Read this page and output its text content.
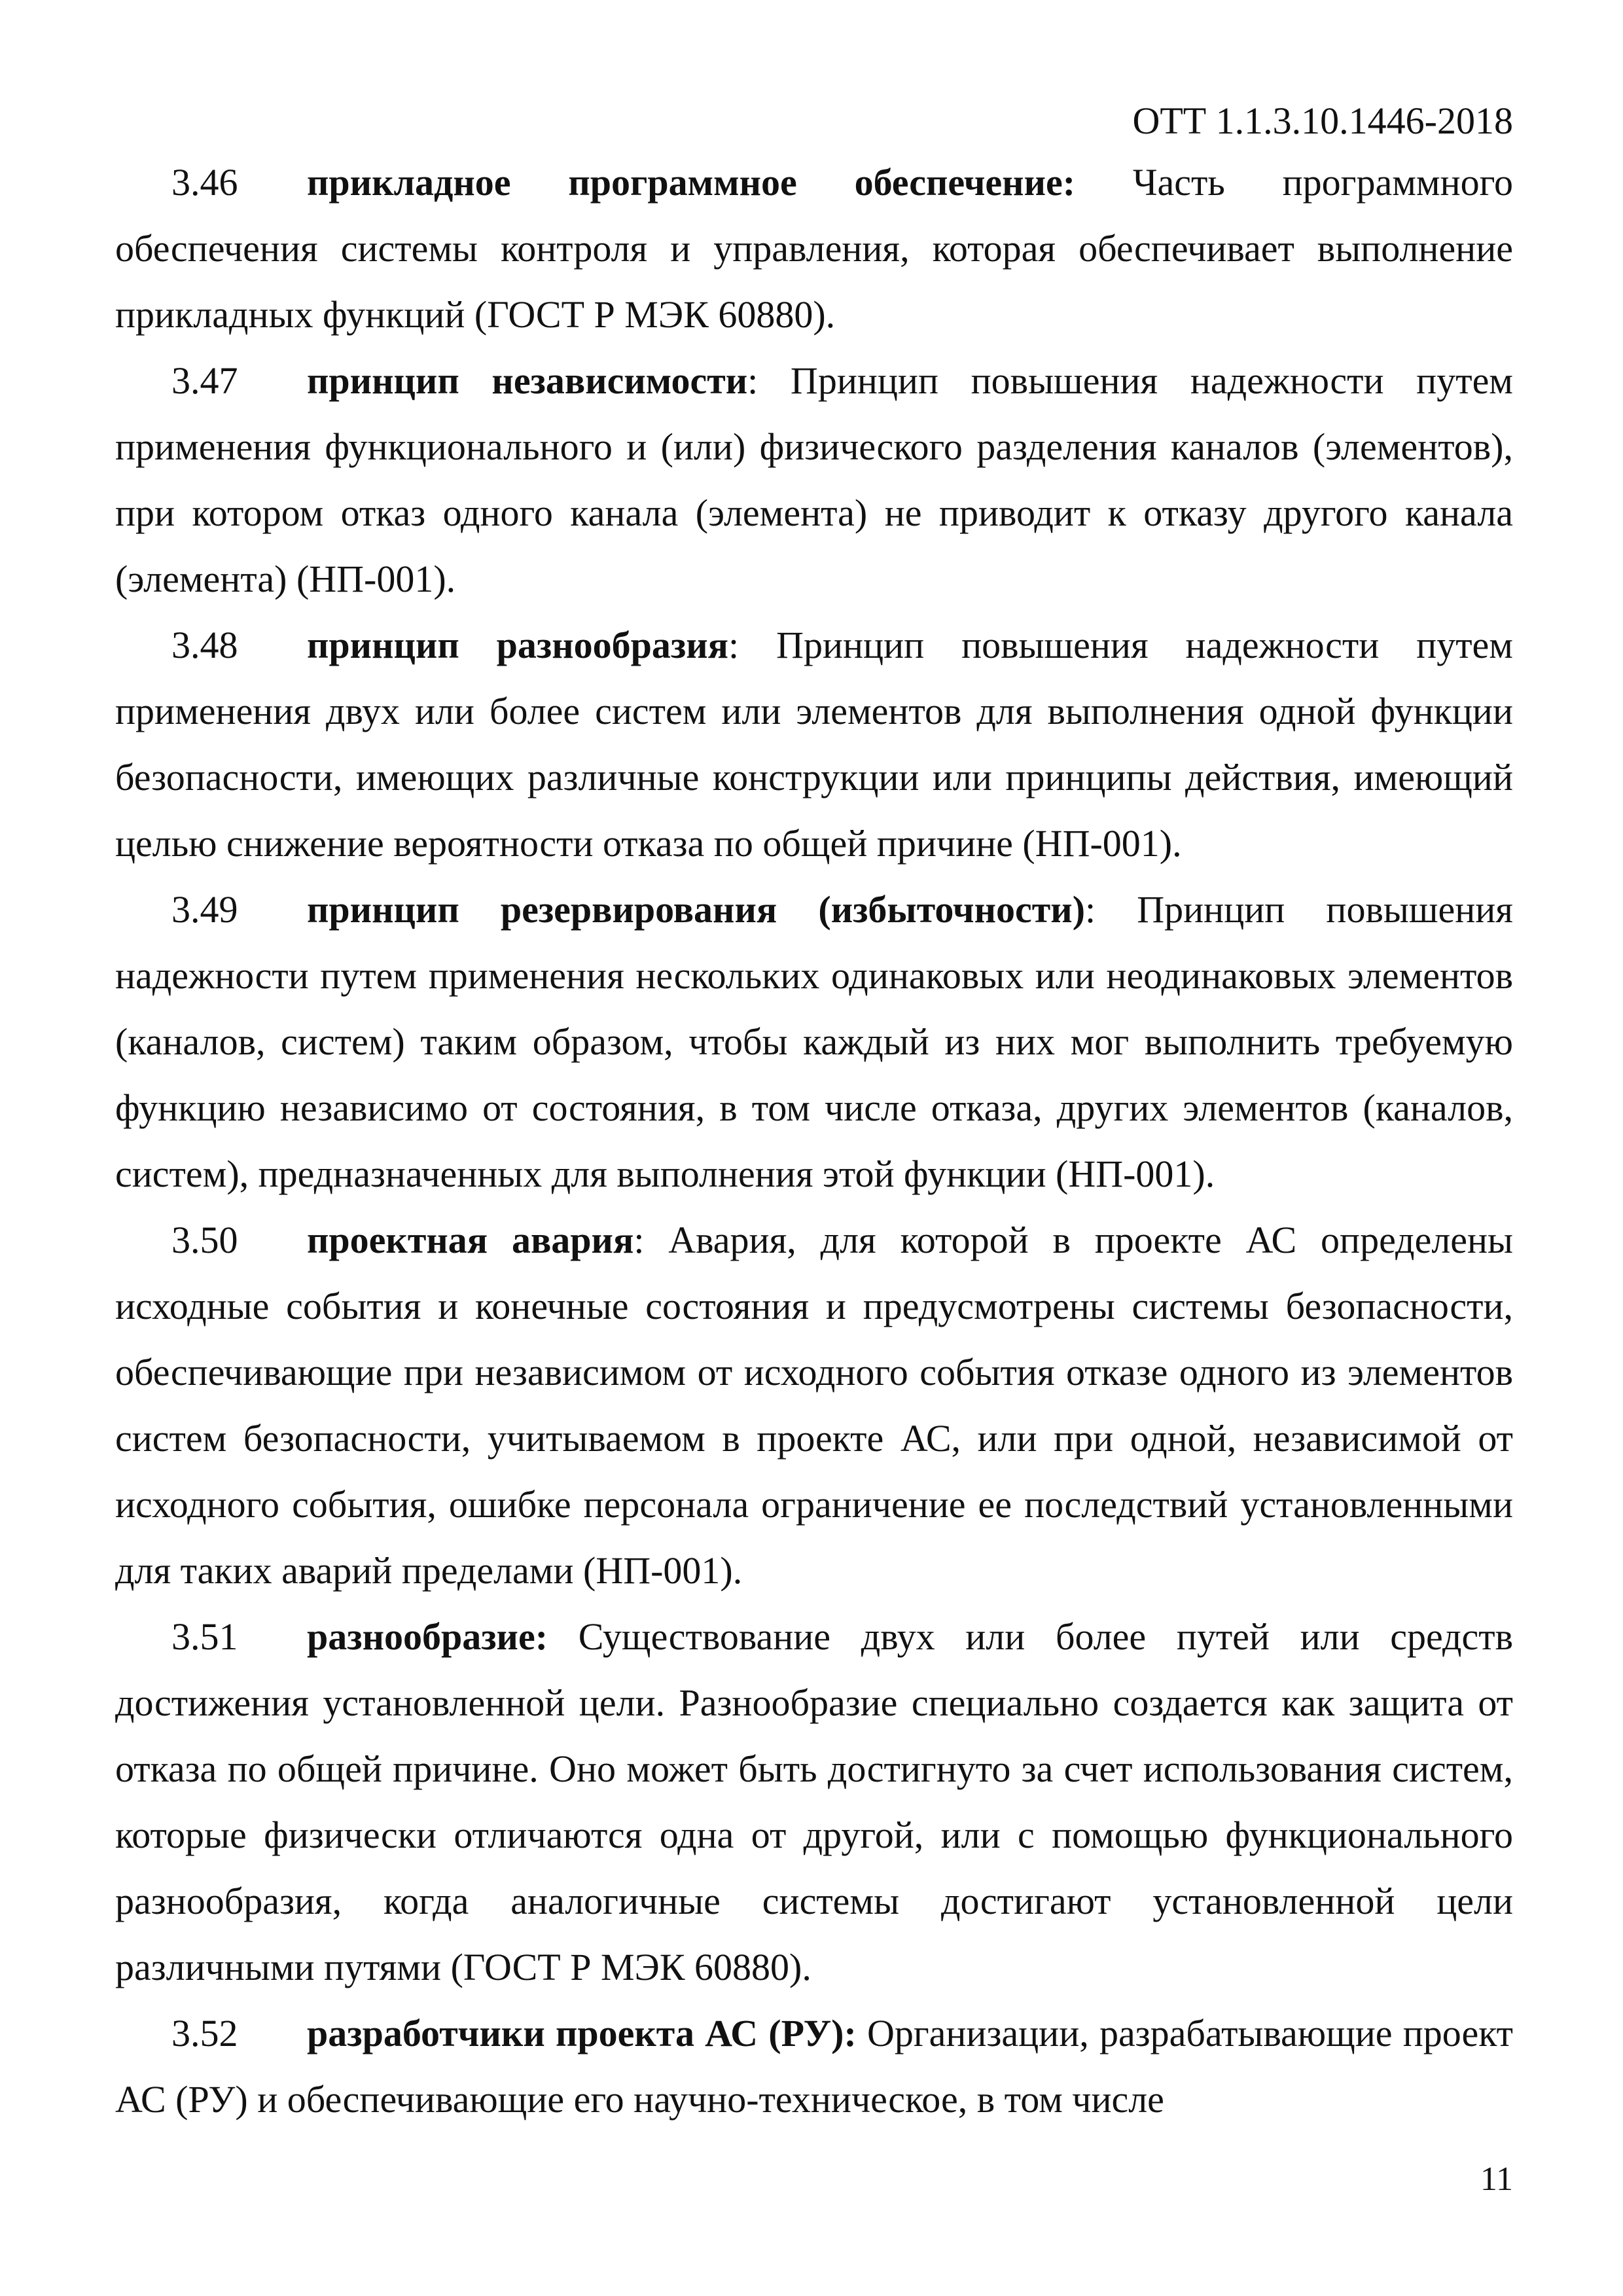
ОТТ 1.1.3.10.1446-2018

3.46 прикладное программное обеспечение: Часть программного обеспечения системы контроля и управления, которая обеспечивает выполнение прикладных функций (ГОСТ Р МЭК 60880).

3.47 принцип независимости: Принцип повышения надежности путем применения функционального и (или) физического разделения каналов (элементов), при котором отказ одного канала (элемента) не приводит к отказу другого канала (элемента) (НП-001).

3.48 принцип разнообразия: Принцип повышения надежности путем применения двух или более систем или элементов для выполнения одной функции безопасности, имеющих различные конструкции или принципы действия, имеющий целью снижение вероятности отказа по общей причине (НП-001).

3.49 принцип резервирования (избыточности): Принцип повышения надежности путем применения нескольких одинаковых или неодинаковых элементов (каналов, систем) таким образом, чтобы каждый из них мог выполнить требуемую функцию независимо от состояния, в том числе отказа, других элементов (каналов, систем), предназначенных для выполнения этой функции (НП-001).

3.50 проектная авария: Авария, для которой в проекте АС определены исходные события и конечные состояния и предусмотрены системы безопасности, обеспечивающие при независимом от исходного события отказе одного из элементов систем безопасности, учитываемом в проекте АС, или при одной, независимой от исходного события, ошибке персонала ограничение ее последствий установленными для таких аварий пределами (НП-001).

3.51 разнообразие: Существование двух или более путей или средств достижения установленной цели. Разнообразие специально создается как защита от отказа по общей причине. Оно может быть достигнуто за счет использования систем, которые физически отличаются одна от другой, или с помощью функционального разнообразия, когда аналогичные системы достигают установленной цели различными путями (ГОСТ Р МЭК 60880).

3.52 разработчики проекта АС (РУ): Организации, разрабатывающие проект АС (РУ) и обеспечивающие его научно-техническое, в том числе

11
